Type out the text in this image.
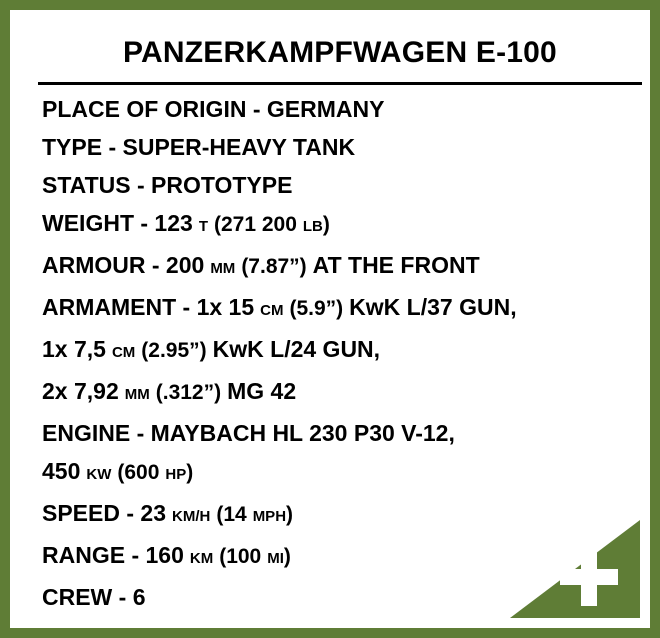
PANZERKAMPFWAGEN E-100
PLACE OF ORIGIN - GERMANY
TYPE - SUPER-HEAVY TANK
STATUS - PROTOTYPE
WEIGHT - 123 T (271 200 LB)
ARMOUR - 200 MM (7.87”) AT THE FRONT
ARMAMENT - 1x 15 CM (5.9”) KwK L/37 GUN,
1x 7,5 CM (2.95”) KwK L/24 GUN,
2x 7,92 MM (.312”) MG 42
ENGINE - MAYBACH HL 230 P30 V-12,
450 KW (600 HP)
SPEED - 23 KM/H (14 MPH)
RANGE - 160 KM (100 MI)
CREW - 6
